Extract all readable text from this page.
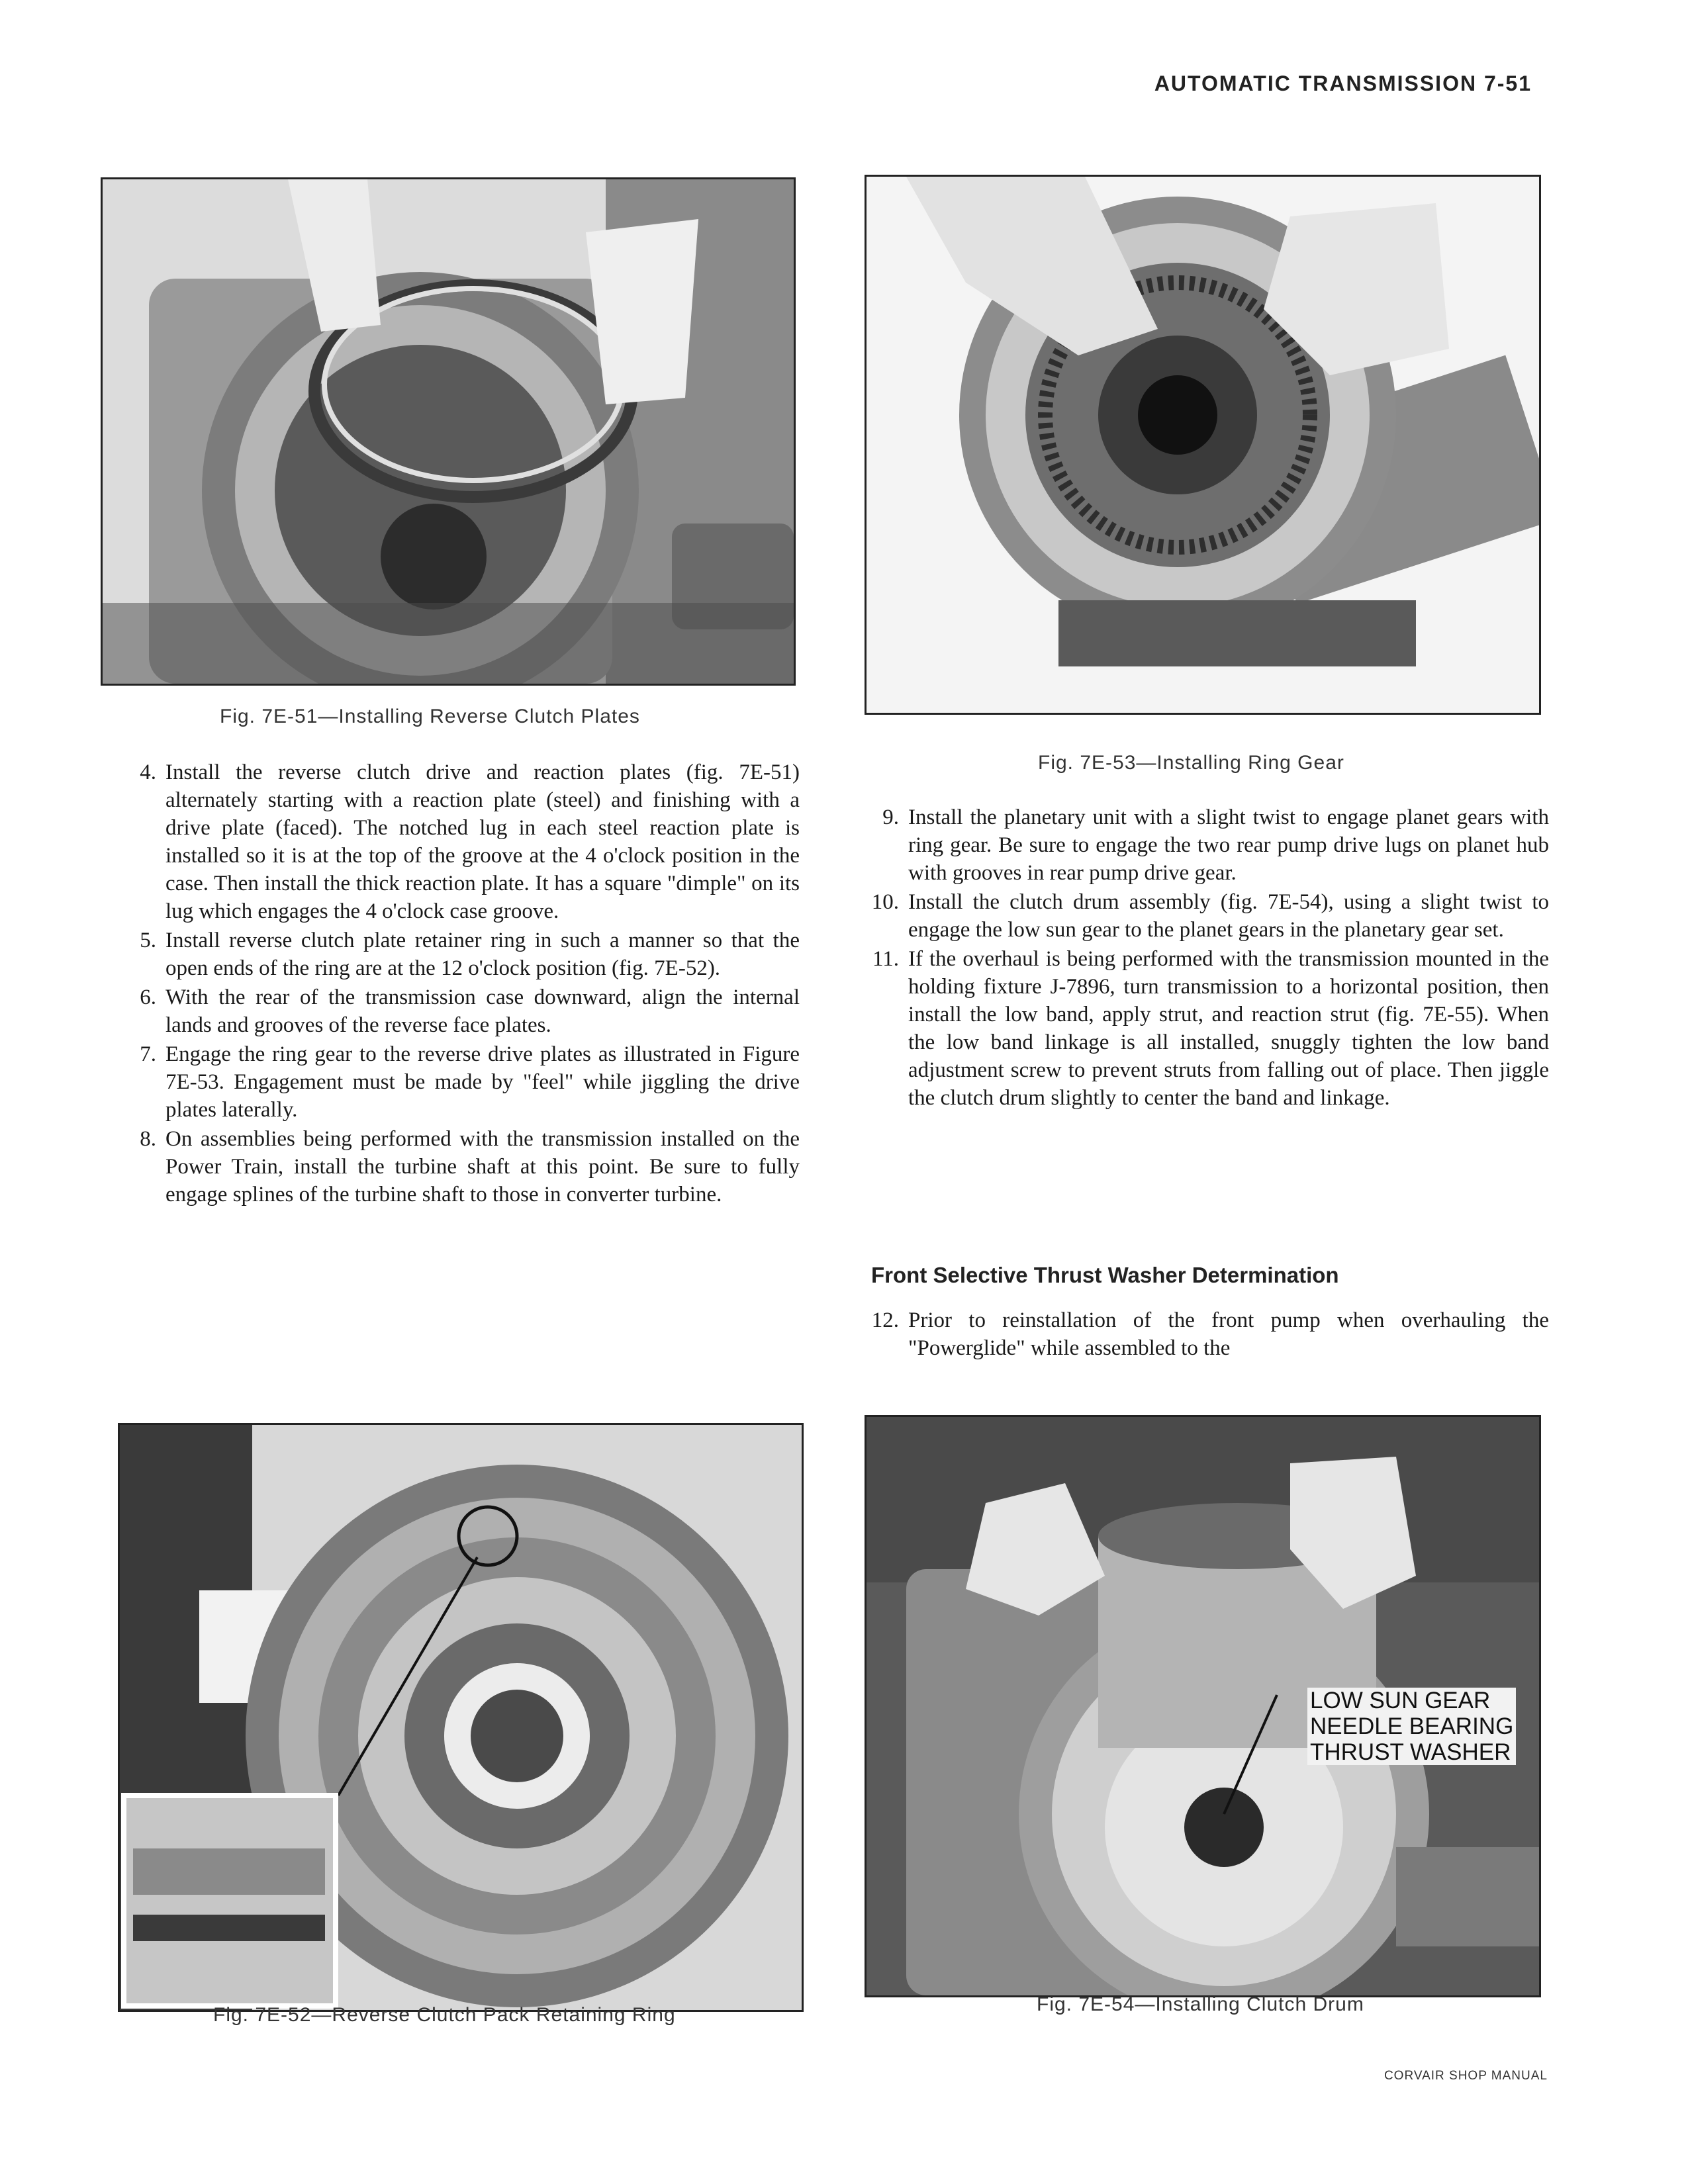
AUTOMATIC TRANSMISSION 7-51
Fig. 7E-51—Installing Reverse Clutch Plates
Fig. 7E-53—Installing Ring Gear
4. Install the reverse clutch drive and reaction plates (fig. 7E-51) alternately starting with a reaction plate (steel) and finishing with a drive plate (faced). The notched lug in each steel reaction plate is installed so it is at the top of the groove at the 4 o'clock position in the case. Then install the thick reaction plate. It has a square "dimple" on its lug which engages the 4 o'clock case groove.
5. Install reverse clutch plate retainer ring in such a manner so that the open ends of the ring are at the 12 o'clock position (fig. 7E-52).
6. With the rear of the transmission case downward, align the internal lands and grooves of the reverse face plates.
7. Engage the ring gear to the reverse drive plates as illustrated in Figure 7E-53. Engagement must be made by "feel" while jiggling the drive plates laterally.
8. On assemblies being performed with the transmission installed on the Power Train, install the turbine shaft at this point. Be sure to fully engage splines of the turbine shaft to those in converter turbine.
9. Install the planetary unit with a slight twist to engage planet gears with ring gear. Be sure to engage the two rear pump drive lugs on planet hub with grooves in rear pump drive gear.
10. Install the clutch drum assembly (fig. 7E-54), using a slight twist to engage the low sun gear to the planet gears in the planetary gear set.
11. If the overhaul is being performed with the transmission mounted in the holding fixture J-7896, turn transmission to a horizontal position, then install the low band, apply strut, and reaction strut (fig. 7E-55). When the low band linkage is all installed, snuggly tighten the low band adjustment screw to prevent struts from falling out of place. Then jiggle the clutch drum slightly to center the band and linkage.
Front Selective Thrust Washer Determination
12. Prior to reinstallation of the front pump when overhauling the "Powerglide" while assembled to the
Fig. 7E-52—Reverse Clutch Pack Retaining Ring
LOW SUN GEAR
NEEDLE BEARING
THRUST WASHER
Fig. 7E-54—Installing Clutch Drum
CORVAIR SHOP MANUAL
